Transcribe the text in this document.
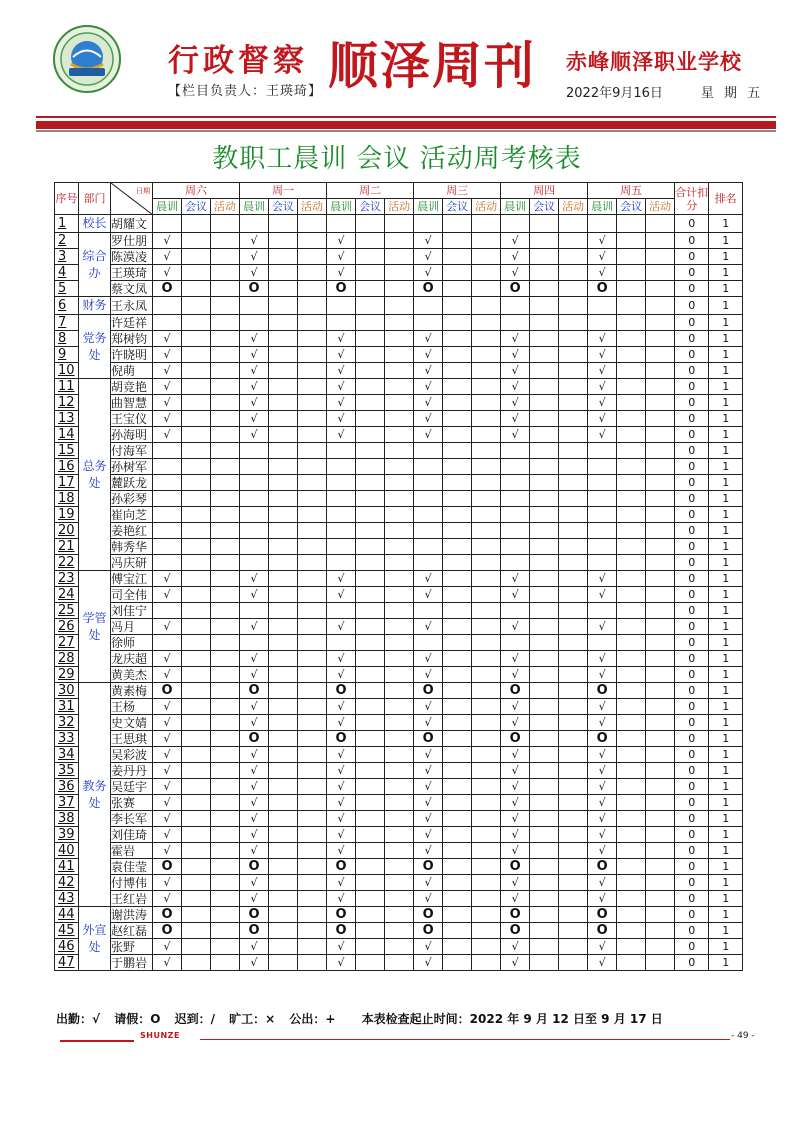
行政督察
【栏目负责人：王瑛琦】 顺泽周刊 赤峰顺泽职业学校
2022年9月16日	星 期 五
教职工晨训 会议 活动周考核表
序号	部门	日期	周六			周一			周二			周三			周四			周五			合计扣分	排名
			晨训	会议	活动	晨训	会议	活动	晨训	会议	活动	晨训	会议	活动	晨训	会议	活动	晨训	会议	活动		
1	校长	胡耀文																			0	1
2	综合办	罗仕朋	√			√			√			√			√			√			0	1
3		陈漠凌	√			√			√			√			√			√			0	1
4		王瑛琦	√			√			√			√			√			√			0	1
5		蔡文凤	O			O			O			O			O			O			0	1
6	财务	王永凤																			0	1
7	党务处	许廷祥																			0	1
8		郑树钧	√			√			√			√			√			√			0	1
9		许晓明	√			√			√			√			√			√			0	1
10		倪萌	√			√			√			√			√			√			0	1
11	总务处	胡竞艳	√			√			√			√			√			√			0	1
12		曲智慧	√			√			√			√			√			√			0	1
13		王宝仪	√			√			√			√			√			√			0	1
14		孙海明	√			√			√			√			√			√			0	1
15		付海军																			0	1
16		孙树军																			0	1
17		麓跃龙																			0	1
18		孙彩琴																			0	1
19		崔向芝																			0	1
20		姜艳红																			0	1
21		韩秀华																			0	1
22		冯庆研																			0	1
23	学管处	傅宝江	√			√			√			√			√			√			0	1
24		司全伟	√			√			√			√			√			√			0	1
25		刘佳宁																			0	1
26		冯月	√			√			√			√			√			√			0	1
27		徐师																			0	1
28		龙庆超	√			√			√			√			√			√			0	1
29		黄美杰	√			√			√			√			√			√			0	1
30	教务处	黄素梅	O			O			O			O			O			O			0	1
31		王杨	√			√			√			√			√			√			0	1
32		史文婧	√			√			√			√			√			√			0	1
33		王思琪	√			O			O			O			O			O			0	1
34		吴彩波	√			√			√			√			√			√			0	1
35		姜丹丹	√			√			√			√			√			√			0	1
36		吴廷宇	√			√			√			√			√			√			0	1
37		张赛	√			√			√			√			√			√			0	1
38		李长军	√			√			√			√			√			√			0	1
39		刘佳琦	√			√			√			√			√			√			0	1
40		霍岩	√			√			√			√			√			√			0	1
41		袁佳莹	O			O			O			O			O			O			0	1
42		付博伟	√			√			√			√			√			√			0	1
43		王红岩	√			√			√			√			√			√			0	1
44	外宣处	谢洪涛	O			O			O			O			O			O			0	1
45		赵红磊	O			O			O			O			O			O			0	1
46		张野	√			√			√			√			√			√			0	1
47		于鹏岩	√			√			√			√			√			√			0	1
出勤：√ 请假：O 迟到：/ 旷工：× 公出：+ 本表检查起止时间：2022 年 9 月 12 日至 9 月 17 日
SHUNZE	- 49 -
